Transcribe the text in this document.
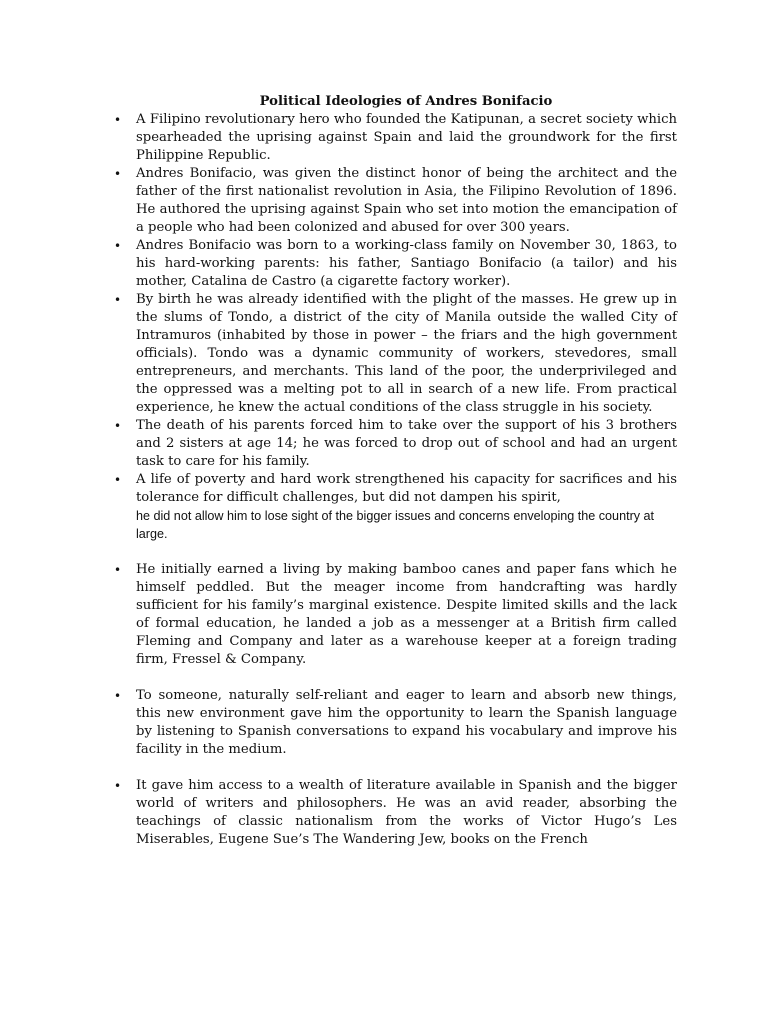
Political Ideologies of Andres Bonifacio
• A Filipino revolutionary hero who founded the Katipunan, a secret society which spearheaded the uprising against Spain and laid the groundwork for the first Philippine Republic.
• Andres Bonifacio, was given the distinct honor of being the architect and the father of the first nationalist revolution in Asia, the Filipino Revolution of 1896. He authored the uprising against Spain who set into motion the emancipation of a people who had been colonized and abused for over 300 years.
• Andres Bonifacio was born to a working-class family on November 30, 1863, to his hard-working parents: his father, Santiago Bonifacio (a tailor) and his mother, Catalina de Castro (a cigarette factory worker).
• By birth he was already identified with the plight of the masses. He grew up in the slums of Tondo, a district of the city of Manila outside the walled City of Intramuros (inhabited by those in power – the friars and the high government officials). Tondo was a dynamic community of workers, stevedores, small entrepreneurs, and merchants. This land of the poor, the underprivileged and the oppressed was a melting pot to all in search of a new life. From practical experience, he knew the actual conditions of the class struggle in his society.
• The death of his parents forced him to take over the support of his 3 brothers and 2 sisters at age 14; he was forced to drop out of school and had an urgent task to care for his family.
• A life of poverty and hard work strengthened his capacity for sacrifices and his tolerance for difficult challenges, but did not dampen his spirit,
he did not allow him to lose sight of the bigger issues and concerns enveloping the country at large.
• He initially earned a living by making bamboo canes and paper fans which he himself peddled. But the meager income from handcrafting was hardly sufficient for his family’s marginal existence. Despite limited skills and the lack of formal education, he landed a job as a messenger at a British firm called Fleming and Company and later as a warehouse keeper at a foreign trading firm, Fressel & Company.
• To someone, naturally self-reliant and eager to learn and absorb new things, this new environment gave him the opportunity to learn the Spanish language by listening to Spanish conversations to expand his vocabulary and improve his facility in the medium.
• It gave him access to a wealth of literature available in Spanish and the bigger world of writers and philosophers. He was an avid reader, absorbing the teachings of classic nationalism from the works of Victor Hugo’s Les Miserables, Eugene Sue’s The Wandering Jew, books on the French
